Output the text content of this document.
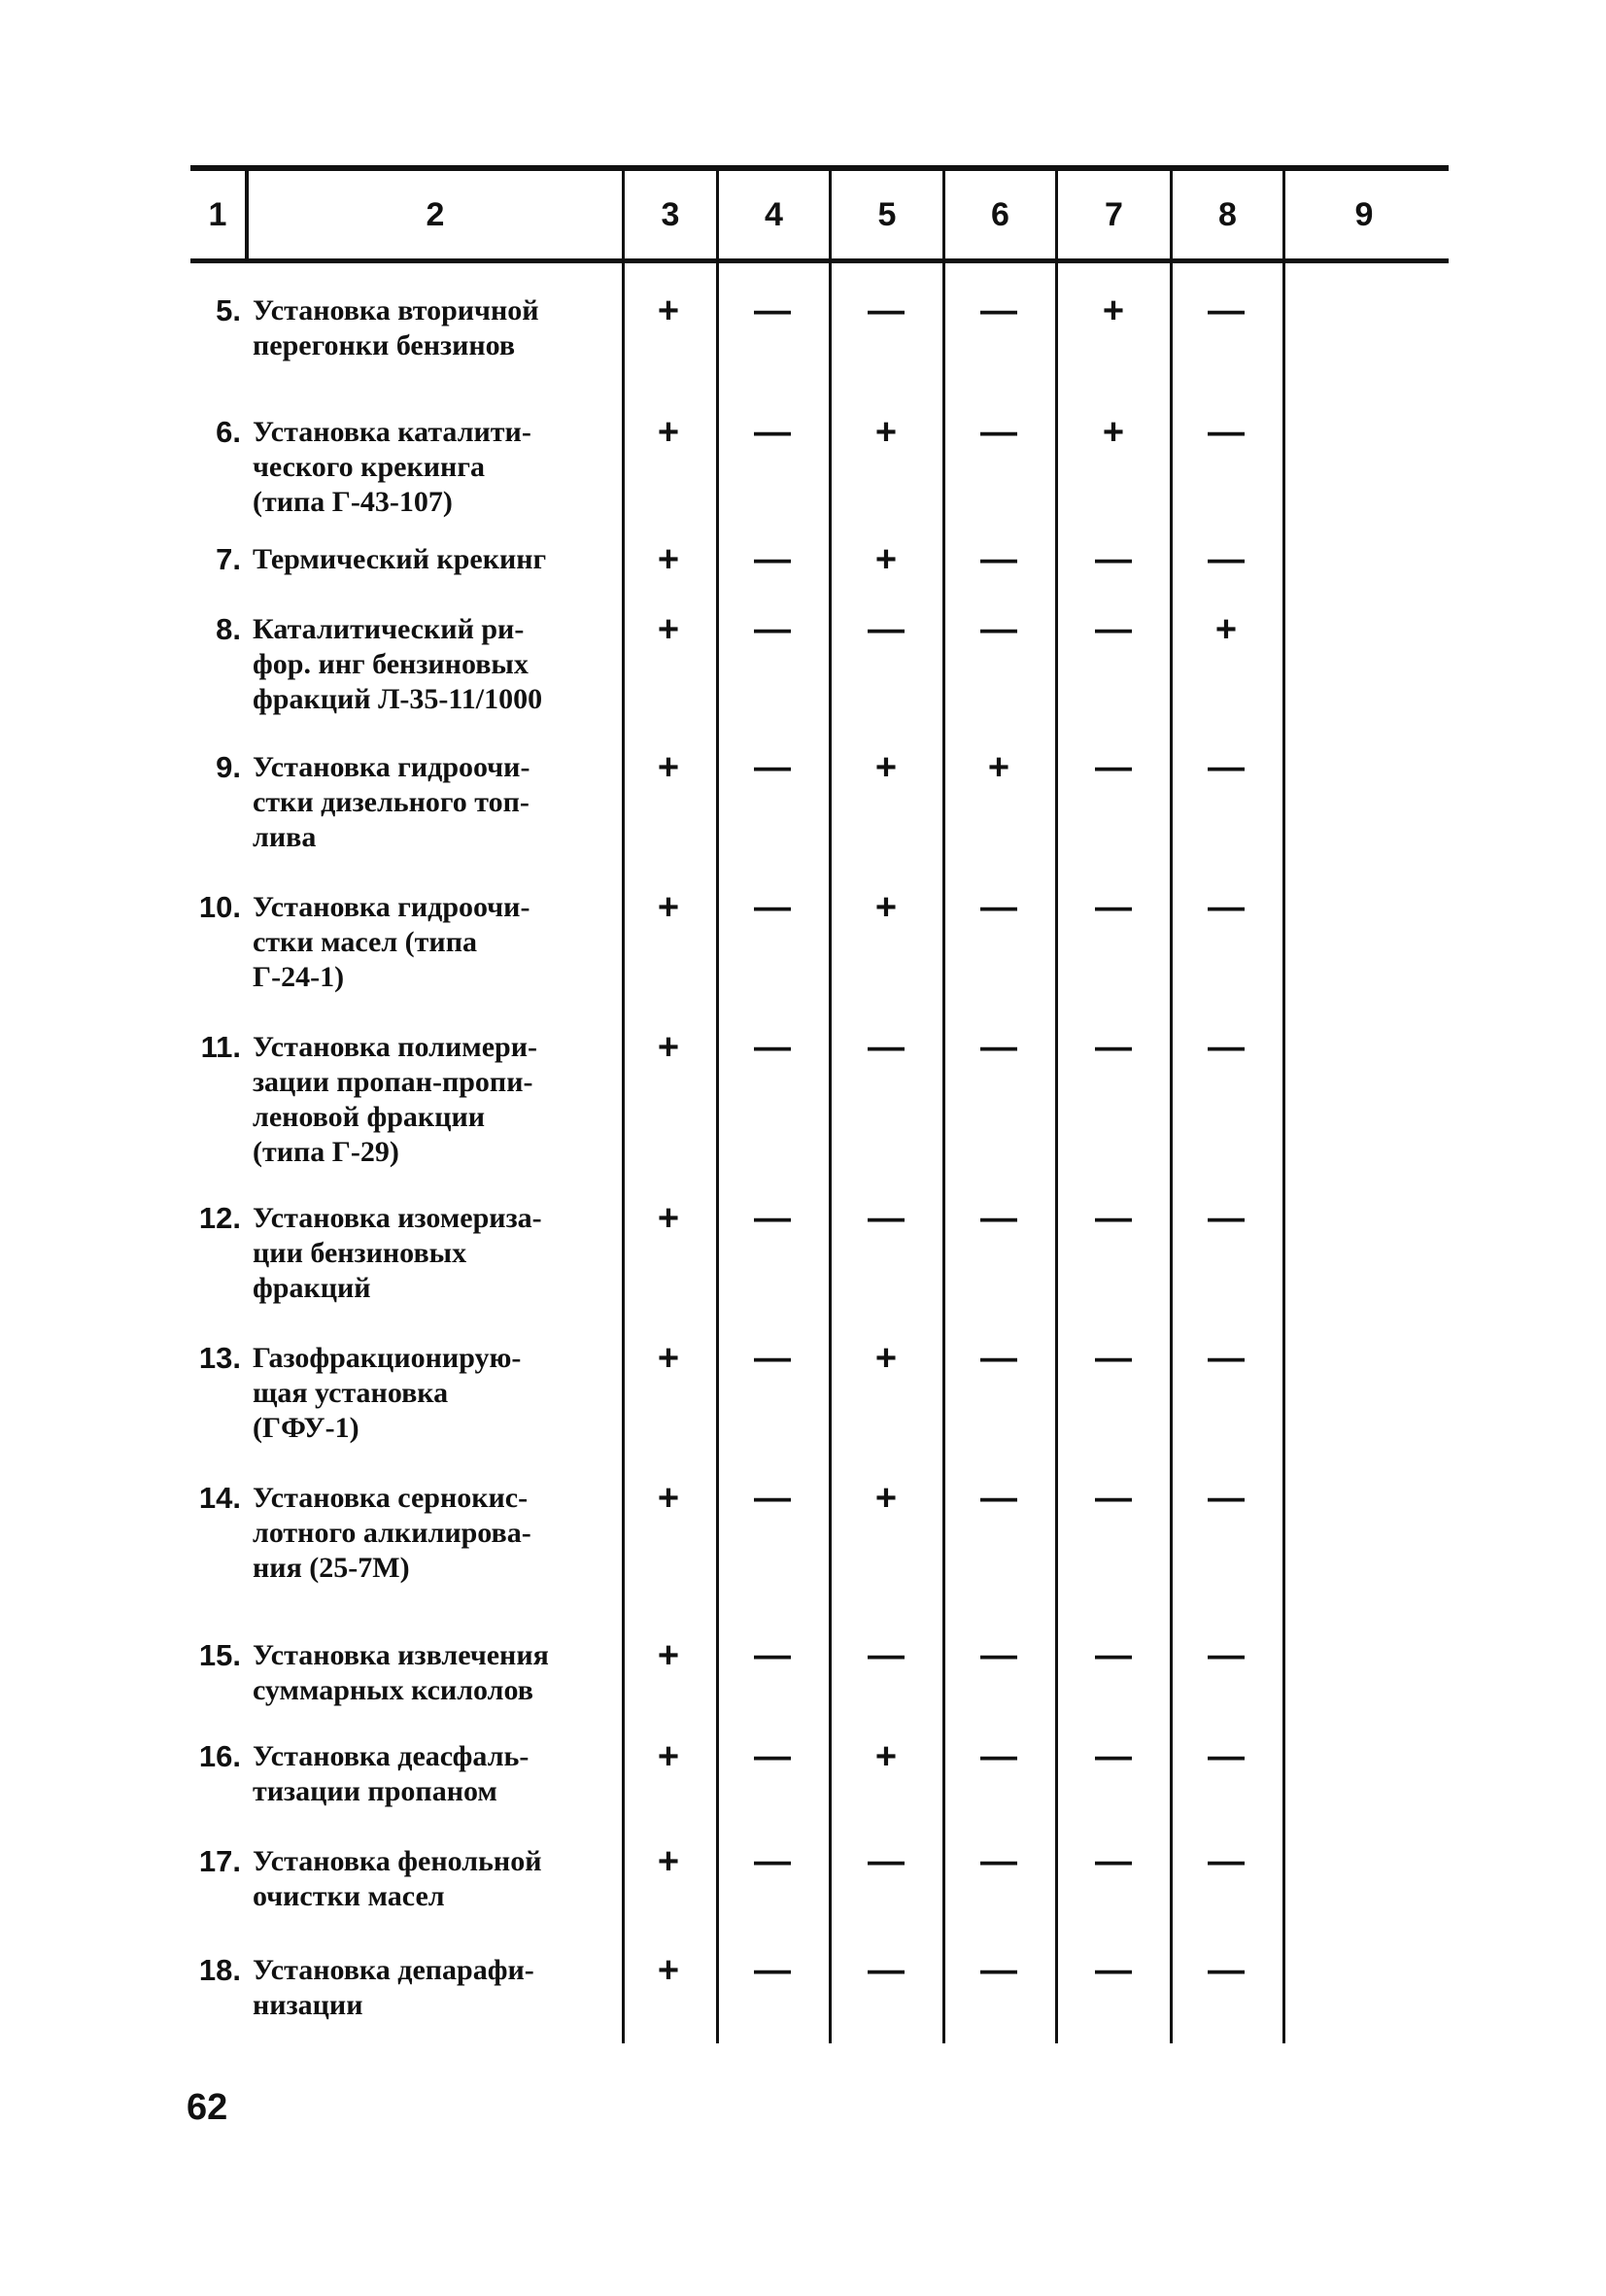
1	2	3	4	5	6	7	8	9
5. Установка вторичной
перегонки бензинов
+	—	—	—	+	—
6. Установка каталити-
ческого крекинга
(типа Г-43-107)
+	—	+	—	+	—
7. Термический крекинг	+	—	+	—	—	—
8. Каталитический ри-
фор. инг бензиновых
фракций Л-35-11/1000
+	—	—	—	—	+
9. Установка гидроочи-
стки дизельного топ-
лива
+	—	+	+	—	—
10. Установка гидроочи-
стки масел (типа
Г-24-1)
+	—	+	—	—	—
11. Установка полимери-
зации пропан-пропи-
леновой фракции
(типа Г-29)
+	—	—	—	—	—
12. Установка изомериза-
ции бензиновых
фракций
+	—	—	—	—	—
13. Газофракционирую-
щая установка
(ГФУ-1)
+	—	+	—	—	—
14. Установка сернокис-
лотного алкилирова-
ния (25-7М)
+	—	+	—	—	—
15. Установка извлечения
суммарных ксилолов
+	—	—	—	—	—
16. Установка деасфаль-
тизации пропаном
+	—	+	—	—	—
17. Установка фенольной
очистки масел
+	—	—	—	—	—
18. Установка депарафи-
низации
+	—	—	—	—	—
62
